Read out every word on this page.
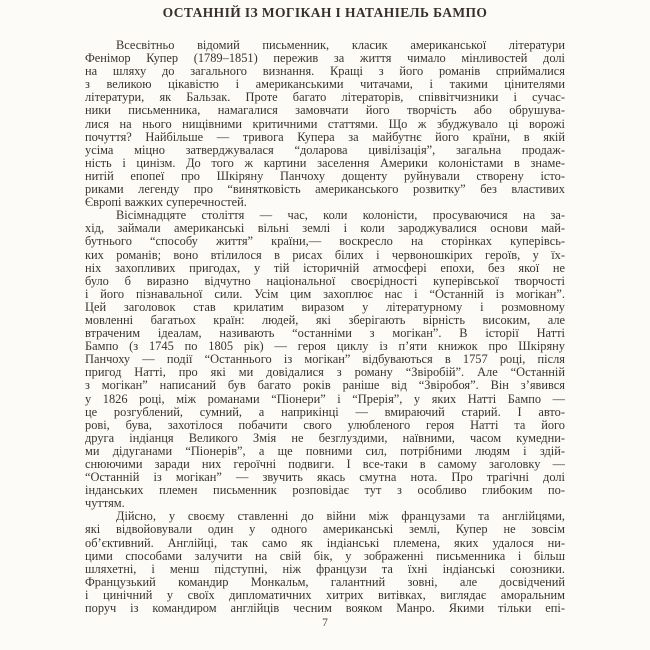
ОСТАННІЙ ІЗ МОГІКАН І НАТАНІЕЛЬ БАМПО
Всесвітньо відомий письменник, класик американської літератури
Фенімор Купер (1789–1851) пережив за життя чимало мінливостей долі
на шляху до загального визнання. Кращі з його романів сприймалися
з великою цікавістю і американськими читачами, і такими цінителями
літератури, як Бальзак. Проте багато літераторів, співвітчизники і сучас-
ники письменника, намагалися замовчати його творчість або обрушува-
лися на нього нищівними критичними статтями. Що ж збуджувало ці ворожі
почуття? Найбільше — тривога Купера за майбутнє його країни, в якій
усіма міцно затверджувалася “доларова цивілізація”, загальна продаж-
ність і цинізм. До того ж картини заселення Америки колоністами в знаме-
нитій епопеї про Шкіряну Панчоху дощенту руйнували створену істо-
риками легенду про “винятковість американського розвитку” без властивих
Європі важких суперечностей.
Вісімнадцяте століття — час, коли колоністи, просуваючися на за-
хід, займали американські вільні землі і коли зароджувалися основи май-
бутнього “способу життя” країни,— воскресло на сторінках куперівсь-
ких романів; воно втілилося в рисах білих і червоношкірих героїв, у їх-
ніх захопливих пригодах, у тій історичній атмосфері епохи, без якої не
було б виразно відчутно національної своєрідності куперівської творчості
і його пізнавальної сили. Усім цим захоплює нас і “Останній із могікан”.
Цей заголовок став крилатим виразом у літературному і розмовному
мовленні багатьох країн: людей, які зберігають вірність високим, але
втраченим ідеалам, називають “останніми з могікан”. В історії Натті
Бампо (з 1745 по 1805 рік) — героя циклу із п’яти книжок про Шкіряну
Панчоху — події “Останнього із могікан” відбуваються в 1757 році, після
пригод Натті, про які ми довідалися з роману “Звіробій”. Але “Останній
з могікан” написаний був багато років раніше від “Звіробоя”. Він з’явився
у 1826 році, між романами “Піонери” і “Прерія”, у яких Натті Бампо —
це розгублений, сумний, а наприкінці — вмираючий старий. І авто-
рові, бува, захотілося побачити свого улюбленого героя Натті та його
друга індіанця Великого Змія не безглуздими, наївними, часом кумедни-
ми дідуганами “Піонерів”, а ще повними сил, потрібними людям і здій-
снюючими заради них героїчні подвиги. І все-таки в самому заголовку —
“Останній із могікан” — звучить якась смутна нота. Про трагічні долі
інданських племен письменник розповідає тут з особливо глибоким по-
чуттям.
Дійсно, у своєму ставленні до війни між французами та англійцями,
які відвойовували один у одного американські землі, Купер не зовсім
об’єктивний. Англійці, так само як індіанські племена, яких удалося ни-
цими способами залучити на свій бік, у зображенні письменника і більш
шляхетні, і менш підступні, ніж французи та їхні індіанські союзники.
Французький командир Монкальм, галантний зовні, але досвідчений
і цинічний у своїх дипломатичних хитрих витівках, виглядає аморальним
поруч із командиром англійців чесним вояком Манро. Якими тільки епі-
7
